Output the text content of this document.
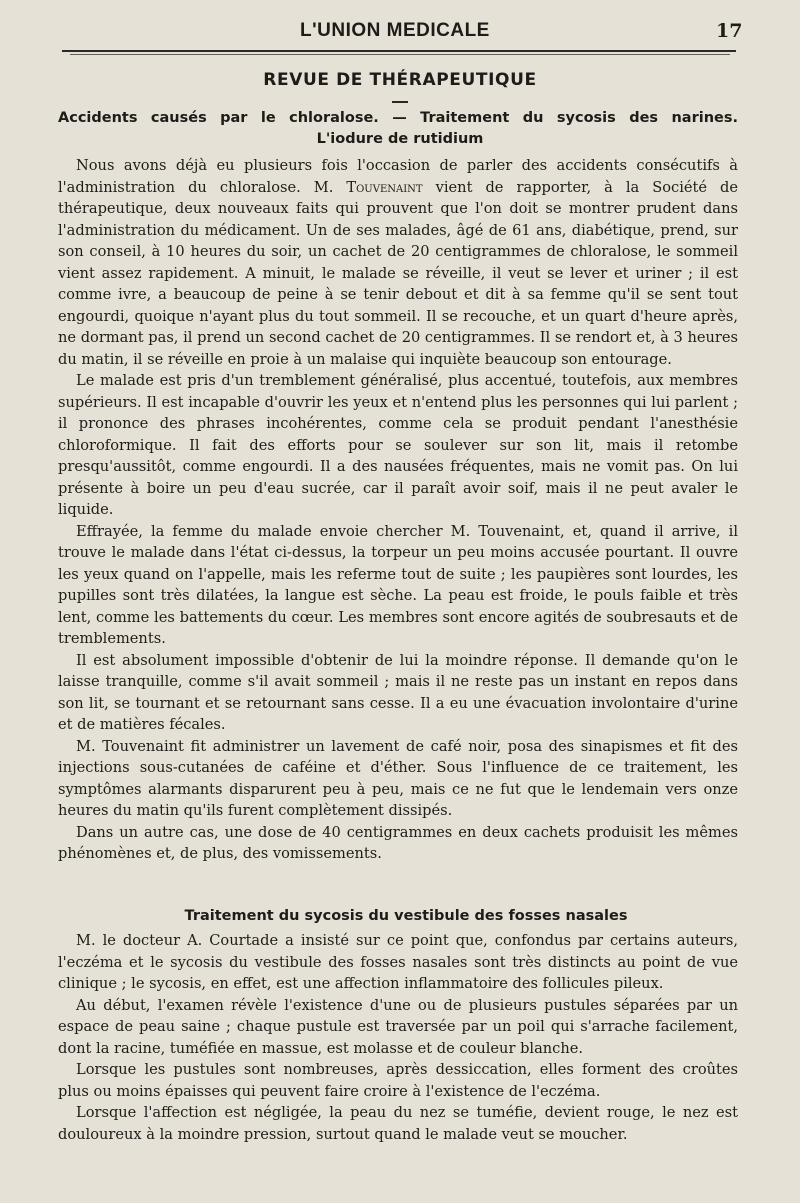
L'UNION MEDICALE	17
REVUE DE THÉRAPEUTIQUE
Accidents causés par le chloralose. — Traitement du sycosis des narines.
L'iodure de rutidium

Nous avons déjà eu plusieurs fois l'occasion de parler des accidents consécutifs à l'administration du chloralose. M. Touvenaint vient de rapporter, à la Société de thérapeutique, deux nouveaux faits qui prouvent que l'on doit se montrer prudent dans l'administration du médicament. Un de ses malades, âgé de 61 ans, diabétique, prend, sur son conseil, à 10 heures du soir, un cachet de 20 centigrammes de chloralose, le sommeil vient assez rapidement. A minuit, le malade se réveille, il veut se lever et uriner ; il est comme ivre, a beaucoup de peine à se tenir debout et dit à sa femme qu'il se sent tout engourdi, quoique n'ayant plus du tout sommeil. Il se recouche, et un quart d'heure après, ne dormant pas, il prend un second cachet de 20 centigrammes. Il se rendort et, à 3 heures du matin, il se réveille en proie à un malaise qui inquiète beaucoup son entourage.

Le malade est pris d'un tremblement généralisé, plus accentué, toutefois, aux membres supérieurs. Il est incapable d'ouvrir les yeux et n'entend plus les personnes qui lui parlent ; il prononce des phrases incohérentes, comme cela se produit pendant l'anesthésie chloroformique. Il fait des efforts pour se soulever sur son lit, mais il retombe presqu'aussitôt, comme engourdi. Il a des nausées fréquentes, mais ne vomit pas. On lui présente à boire un peu d'eau sucrée, car il paraît avoir soif, mais il ne peut avaler le liquide.

Effrayée, la femme du malade envoie chercher M. Touvenaint, et, quand il arrive, il trouve le malade dans l'état ci-dessus, la torpeur un peu moins accusée pourtant. Il ouvre les yeux quand on l'appelle, mais les referme tout de suite ; les paupières sont lourdes, les pupilles sont très dilatées, la langue est sèche. La peau est froide, le pouls faible et très lent, comme les battements du cœur. Les membres sont encore agités de soubresauts et de tremblements.

Il est absolument impossible d'obtenir de lui la moindre réponse. Il demande qu'on le laisse tranquille, comme s'il avait sommeil ; mais il ne reste pas un instant en repos dans son lit, se tournant et se retournant sans cesse. Il a eu une évacuation involontaire d'urine et de matières fécales.

M. Touvenaint fit administrer un lavement de café noir, posa des sinapismes et fit des injections sous-cutanées de caféine et d'éther. Sous l'influence de ce traitement, les symptômes alarmants disparurent peu à peu, mais ce ne fut que le lendemain vers onze heures du matin qu'ils furent complètement dissipés.

Dans un autre cas, une dose de 40 centigrammes en deux cachets produisit les mêmes phénomènes et, de plus, des vomissements.

Traitement du sycosis du vestibule des fosses nasales

M. le docteur A. Courtade a insisté sur ce point que, confondus par certains auteurs, l'eczéma et le sycosis du vestibule des fosses nasales sont très distincts au point de vue clinique ; le sycosis, en effet, est une affection inflammatoire des follicules pileux.

Au début, l'examen révèle l'existence d'une ou de plusieurs pustules séparées par un espace de peau saine ; chaque pustule est traversée par un poil qui s'arrache facilement, dont la racine, tuméfiée en massue, est molasse et de couleur blanche.

Lorsque les pustules sont nombreuses, après dessiccation, elles forment des croûtes plus ou moins épaisses qui peuvent faire croire à l'existence de l'eczéma.

Lorsque l'affection est négligée, la peau du nez se tuméfie, devient rouge, le nez est douloureux à la moindre pression, surtout quand le malade veut se moucher.
